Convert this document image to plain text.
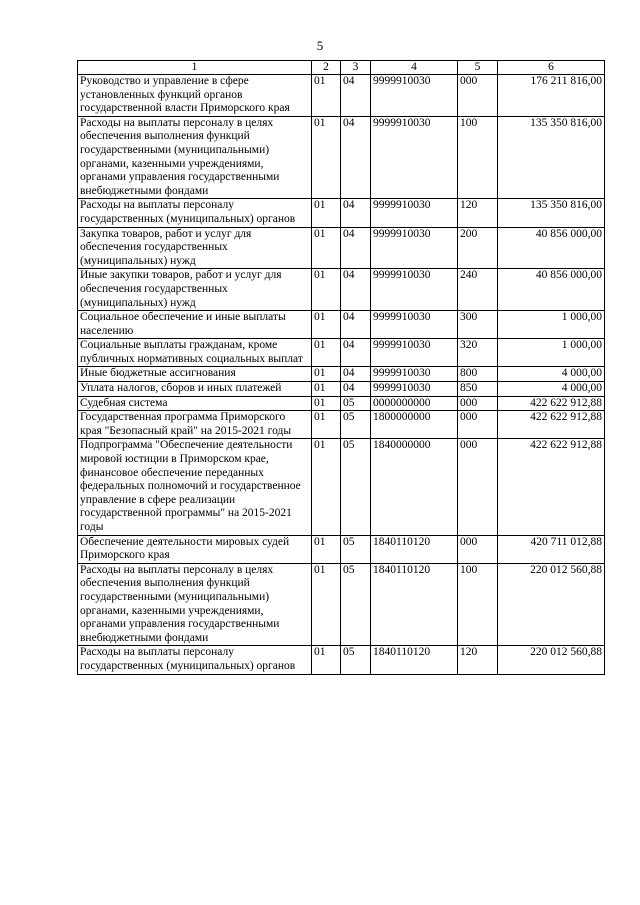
5
1	2	3	4	5	6
Руководство и управление в сфере установленных функций органов государственной власти Приморского края	01	04	9999910030	000	176 211 816,00
Расходы на выплаты персоналу в целях обеспечения выполнения функций государственными (муниципальными) органами, казенными учреждениями, органами управления государственными внебюджетными фондами	01	04	9999910030	100	135 350 816,00
Расходы на выплаты персоналу государственных (муниципальных) органов	01	04	9999910030	120	135 350 816,00
Закупка товаров, работ и услуг для обеспечения государственных (муниципальных) нужд	01	04	9999910030	200	40 856 000,00
Иные закупки товаров, работ и услуг для обеспечения государственных (муниципальных) нужд	01	04	9999910030	240	40 856 000,00
Социальное обеспечение и иные выплаты населению	01	04	9999910030	300	1 000,00
Социальные выплаты гражданам, кроме публичных нормативных социальных выплат	01	04	9999910030	320	1 000,00
Иные бюджетные ассигнования	01	04	9999910030	800	4 000,00
Уплата налогов, сборов и иных платежей	01	04	9999910030	850	4 000,00
Судебная система	01	05	0000000000	000	422 622 912,88
Государственная программа Приморского края "Безопасный край" на 2015-2021 годы	01	05	1800000000	000	422 622 912,88
Подпрограмма "Обеспечение деятельности мировой юстиции в Приморском крае, финансовое обеспечение переданных федеральных полномочий и государственное управление в сфере реализации государственной программы" на 2015-2021 годы	01	05	1840000000	000	422 622 912,88
Обеспечение деятельности мировых судей Приморского края	01	05	1840110120	000	420 711 012,88
Расходы на выплаты персоналу в целях обеспечения выполнения функций государственными (муниципальными) органами, казенными учреждениями, органами управления государственными внебюджетными фондами	01	05	1840110120	100	220 012 560,88
Расходы на выплаты персоналу государственных (муниципальных) органов	01	05	1840110120	120	220 012 560,88
